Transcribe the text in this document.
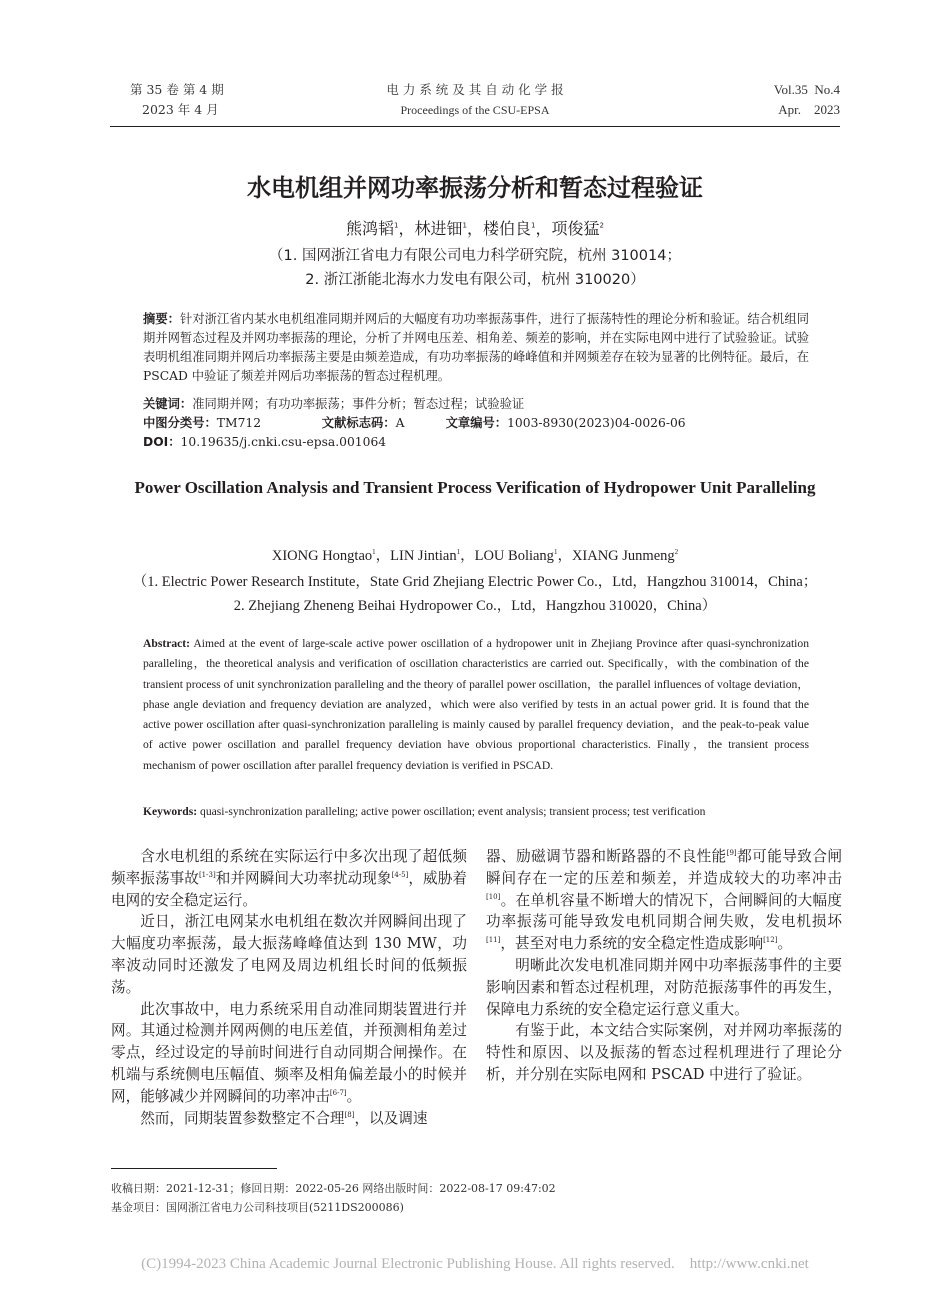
第 35 卷 第 4 期
2023 年 4 月
电 力 系 统 及 其 自 动 化 学 报
Proceedings of the CSU-EPSA
Vol.35  No.4
Apr.    2023
水电机组并网功率振荡分析和暂态过程验证
熊鸿韬$^1$，林进钿$^1$，楼伯良$^1$，项俊猛$^2$
（1. 国网浙江省电力有限公司电力科学研究院，杭州 310014；
2. 浙江浙能北海水力发电有限公司，杭州 310020）
摘要：针对浙江省内某水电机组准同期并网后的大幅度有功功率振荡事件，进行了振荡特性的理论分析和验证。结合机组同期并网暂态过程及并网功率振荡的理论，分析了并网电压差、相角差、频差的影响，并在实际电网中进行了试验验证。试验表明机组准同期并网后功率振荡主要是由频差造成，有功功率振荡的峰峰值和并网频差存在较为显著的比例特征。最后，在 PSCAD 中验证了频差并网后功率振荡的暂态过程机理。
关键词：准同期并网；有功功率振荡；事件分析；暂态过程；试验验证
中图分类号：TM712	文献标志码：A	文章编号：1003-8930(2023)04-0026-06
DOI：10.19635/j.cnki.csu-epsa.001064
Power Oscillation Analysis and Transient Process Verification of Hydropower Unit Paralleling
XIONG Hongtao$^1$，LIN Jintian$^1$，LOU Boliang$^1$，XIANG Junmeng$^2$
（1. Electric Power Research Institute，State Grid Zhejiang Electric Power Co.，Ltd，Hangzhou 310014，China；
2. Zhejiang Zheneng Beihai Hydropower Co.，Ltd，Hangzhou 310020，China）
Abstract: Aimed at the event of large-scale active power oscillation of a hydropower unit in Zhejiang Province after quasi-synchronization paralleling，the theoretical analysis and verification of oscillation characteristics are carried out. Specifically，with the combination of the transient process of unit synchronization paralleling and the theory of parallel power oscillation，the parallel influences of voltage deviation，phase angle deviation and frequency deviation are analyzed，which were also verified by tests in an actual power grid. It is found that the active power oscillation after quasi-synchronization paralleling is mainly caused by parallel frequency deviation，and the peak-to-peak value of active power oscillation and parallel frequency deviation have obvious proportional characteristics. Finally，the transient process mechanism of power oscillation after parallel frequency deviation is verified in PSCAD.
Keywords: quasi-synchronization paralleling; active power oscillation; event analysis; transient process; test verification

含水电机组的系统在实际运行中多次出现了超低频频率振荡事故[1-3]和并网瞬间大功率扰动现象[4-5]，威胁着电网的安全稳定运行。

近日，浙江电网某水电机组在数次并网瞬间出现了大幅度功率振荡，最大振荡峰峰值达到 130 MW，功率波动同时还激发了电网及周边机组长时间的低频振荡。

此次事故中，电力系统采用自动准同期装置进行并网。其通过检测并网两侧的电压差值，并预测相角差过零点，经过设定的导前时间进行自动同期合闸操作。在机端与系统侧电压幅值、频率及相角偏差最小的时候并网，能够减少并网瞬间的功率冲击[6-7]。

然而，同期装置参数整定不合理[8]，以及调速

器、励磁调节器和断路器的不良性能[9]都可能导致合闸瞬间存在一定的压差和频差，并造成较大的功率冲击[10]。在单机容量不断增大的情况下，合闸瞬间的大幅度功率振荡可能导致发电机同期合闸失败，发电机损坏[11]，甚至对电力系统的安全稳定性造成影响[12]。

明晰此次发电机准同期并网中功率振荡事件的主要影响因素和暂态过程机理，对防范振荡事件的再发生，保障电力系统的安全稳定运行意义重大。

有鉴于此，本文结合实际案例，对并网功率振荡的特性和原因、以及振荡的暂态过程机理进行了理论分析，并分别在实际电网和 PSCAD 中进行了验证。

收稿日期：2021-12-31；修回日期：2022-05-26 网络出版时间：2022-08-17 09:47:02
基金项目：国网浙江省电力公司科技项目(5211DS200086)
(C)1994-2023 China Academic Journal Electronic Publishing House. All rights reserved.    http://www.cnki.net
